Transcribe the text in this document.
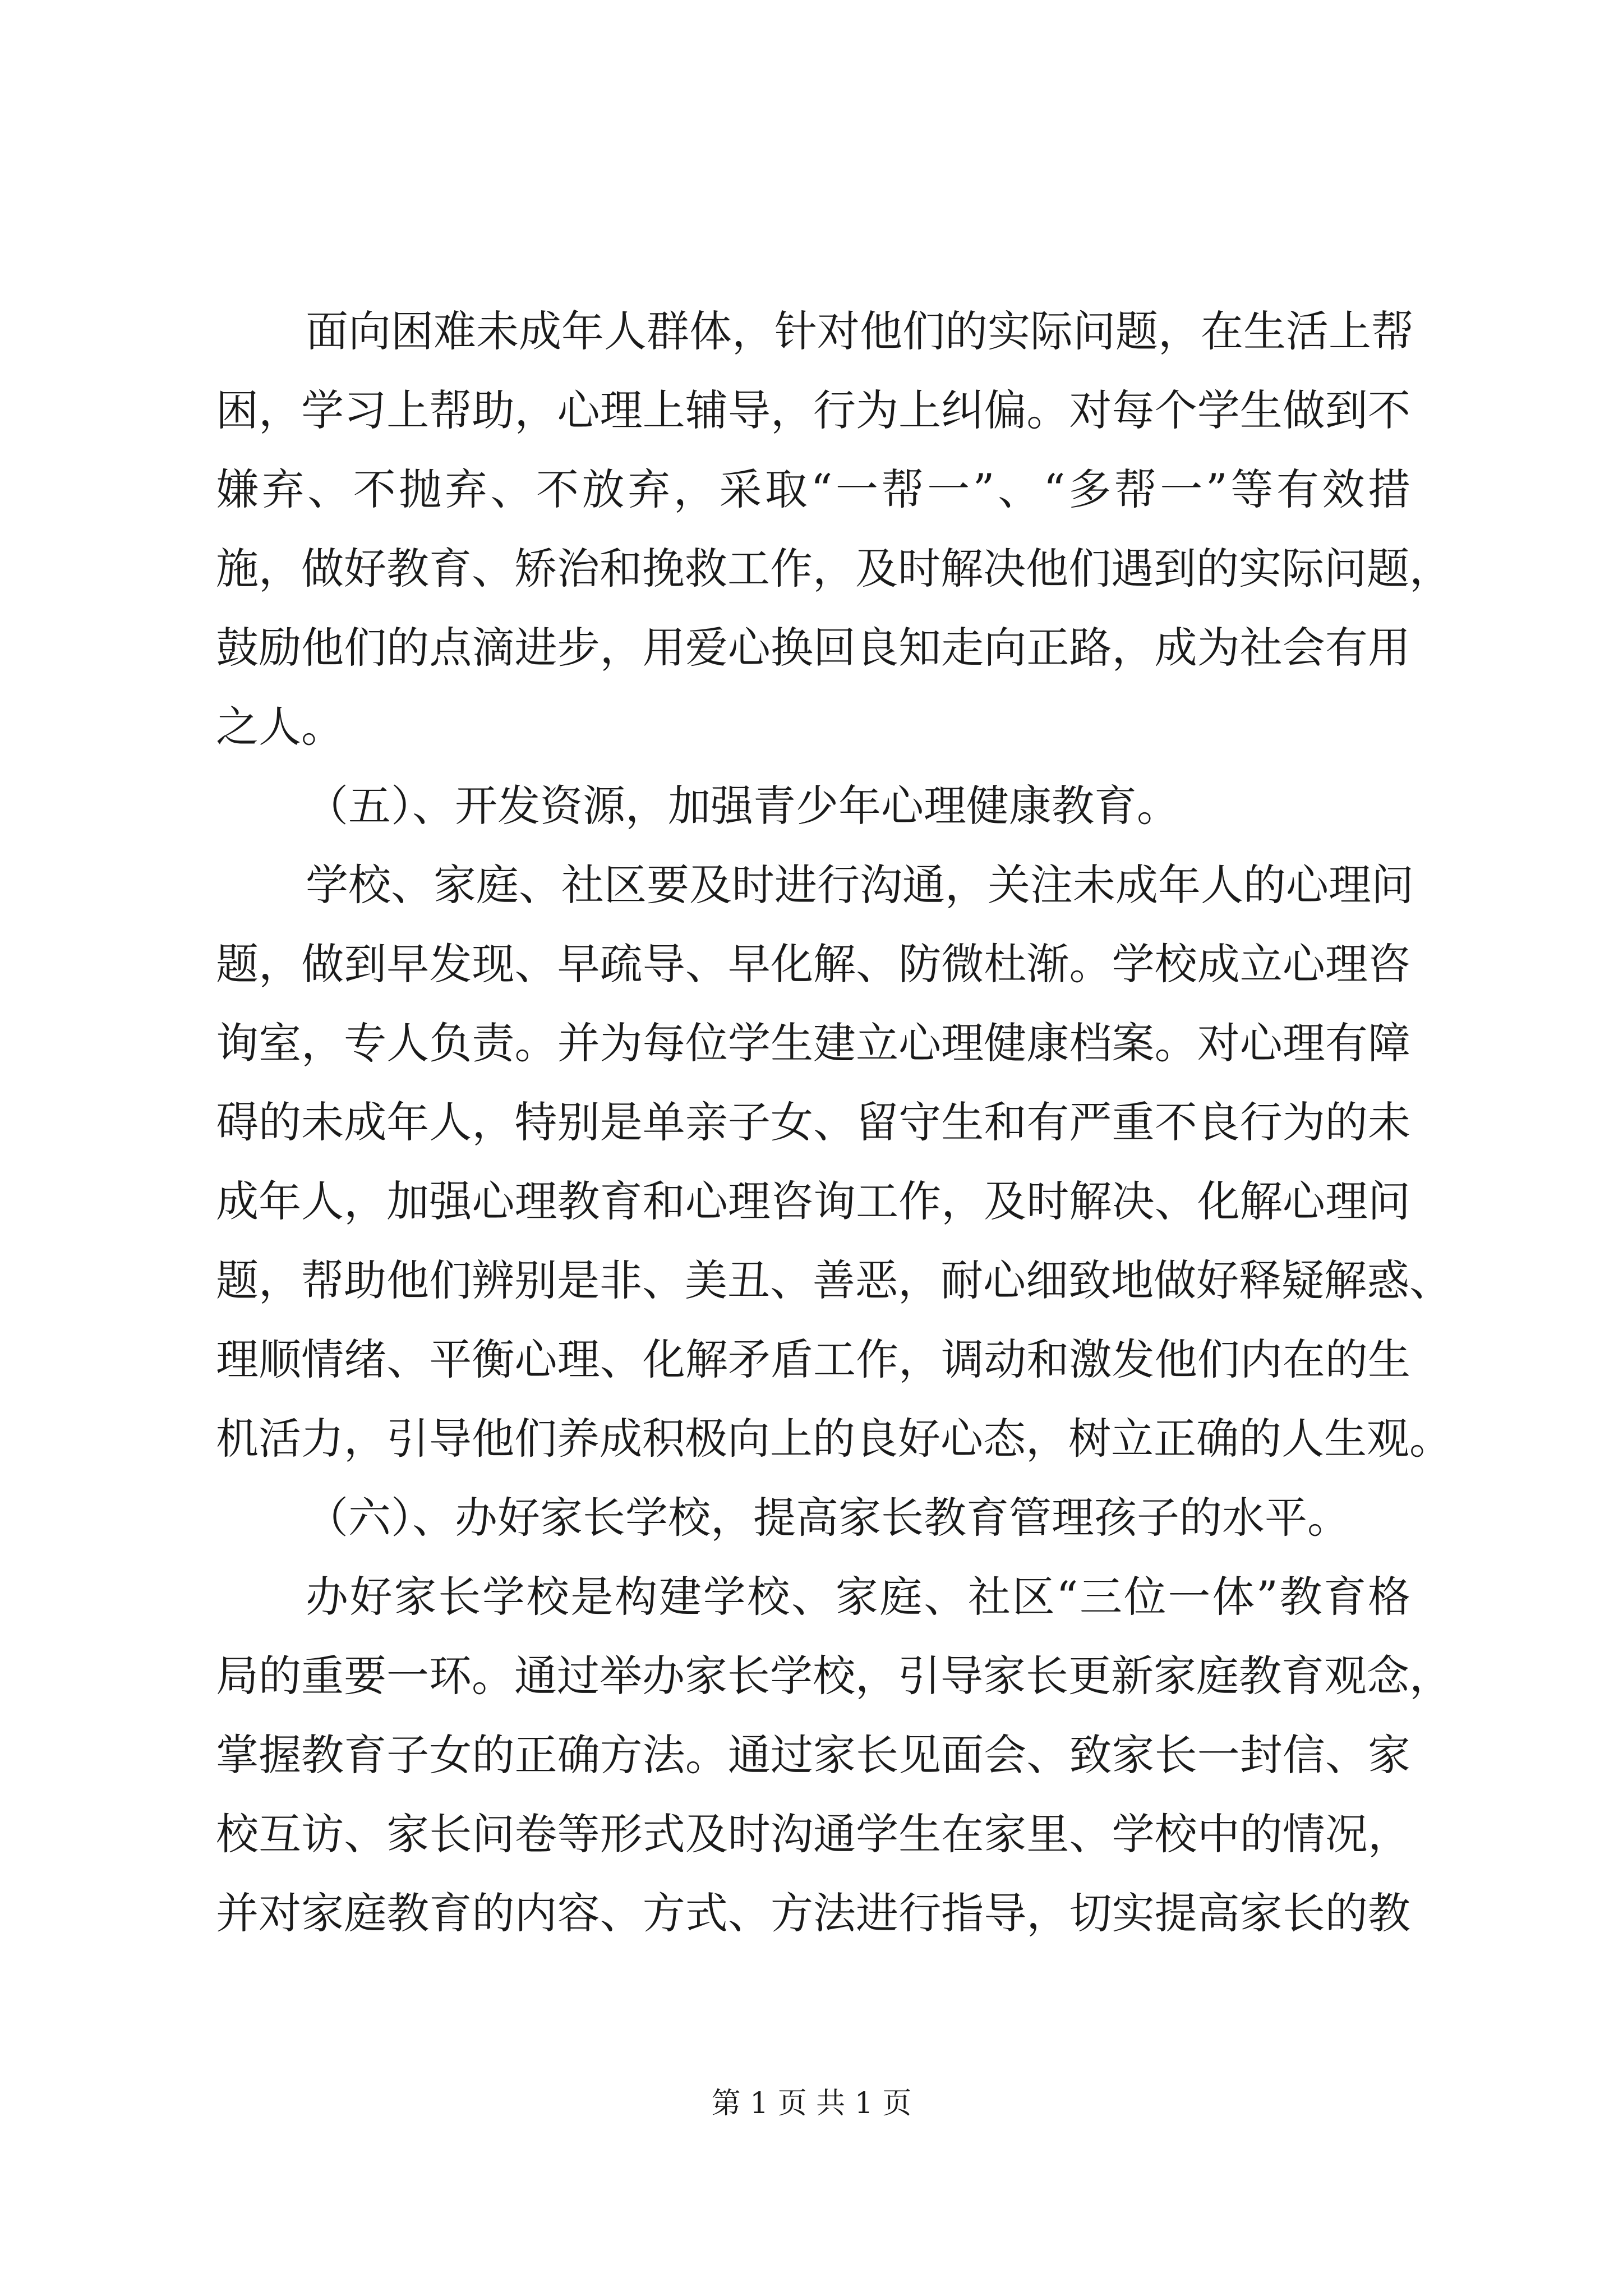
面向困难未成年人群体，针对他们的实际问题，在生活上帮
困，学习上帮助，心理上辅导，行为上纠偏。对每个学生做到不
嫌弃、不抛弃、不放弃，采取“一帮一”、“多帮一”等有效措
施，做好教育、矫治和挽救工作，及时解决他们遇到的实际问题，
鼓励他们的点滴进步，用爱心换回良知走向正路，成为社会有用
之人。
（五）、开发资源，加强青少年心理健康教育。
学校、家庭、社区要及时进行沟通，关注未成年人的心理问
题，做到早发现、早疏导、早化解、防微杜渐。学校成立心理咨
询室，专人负责。并为每位学生建立心理健康档案。对心理有障
碍的未成年人，特别是单亲子女、留守生和有严重不良行为的未
成年人，加强心理教育和心理咨询工作，及时解决、化解心理问
题，帮助他们辨别是非、美丑、善恶，耐心细致地做好释疑解惑、
理顺情绪、平衡心理、化解矛盾工作，调动和激发他们内在的生
机活力，引导他们养成积极向上的良好心态，树立正确的人生观。
（六）、办好家长学校，提高家长教育管理孩子的水平。
办好家长学校是构建学校、家庭、社区“三位一体”教育格
局的重要一环。通过举办家长学校，引导家长更新家庭教育观念，
掌握教育子女的正确方法。通过家长见面会、致家长一封信、家
校互访、家长问卷等形式及时沟通学生在家里、学校中的情况，
并对家庭教育的内容、方式、方法进行指导，切实提高家长的教
第 1 页 共 1 页
